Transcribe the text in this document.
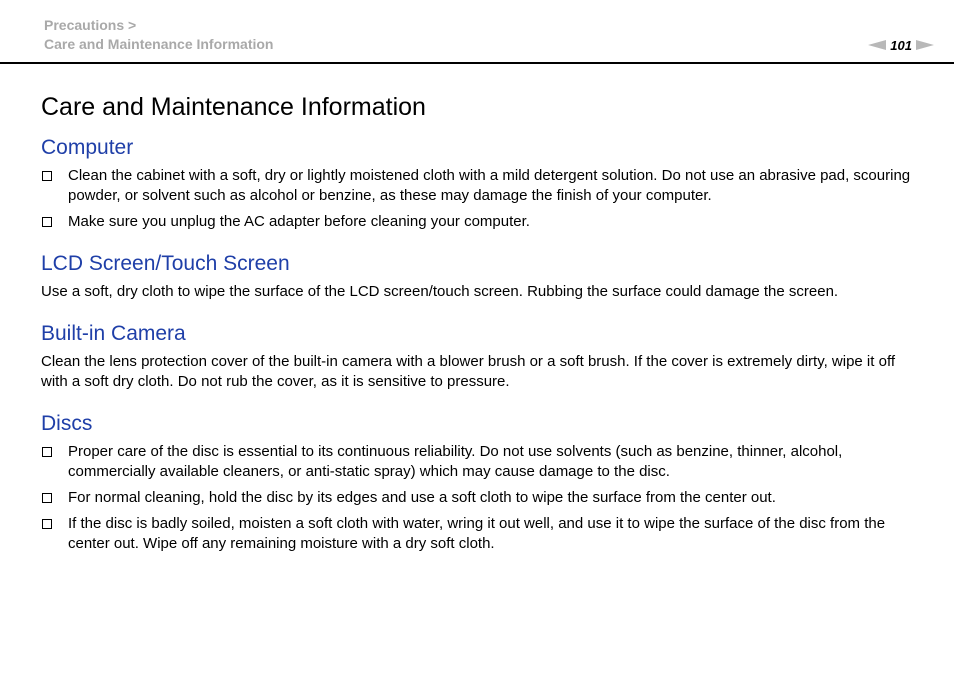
Precautions >
Care and Maintenance Information	101
Care and Maintenance Information
Computer
Clean the cabinet with a soft, dry or lightly moistened cloth with a mild detergent solution. Do not use an abrasive pad, scouring powder, or solvent such as alcohol or benzine, as these may damage the finish of your computer.
Make sure you unplug the AC adapter before cleaning your computer.
LCD Screen/Touch Screen

Use a soft, dry cloth to wipe the surface of the LCD screen/touch screen. Rubbing the surface could damage the screen.

Built-in Camera

Clean the lens protection cover of the built-in camera with a blower brush or a soft brush. If the cover is extremely dirty, wipe it off with a soft dry cloth. Do not rub the cover, as it is sensitive to pressure.

Discs
Proper care of the disc is essential to its continuous reliability. Do not use solvents (such as benzine, thinner, alcohol, commercially available cleaners, or anti-static spray) which may cause damage to the disc.
For normal cleaning, hold the disc by its edges and use a soft cloth to wipe the surface from the center out.
If the disc is badly soiled, moisten a soft cloth with water, wring it out well, and use it to wipe the surface of the disc from the center out. Wipe off any remaining moisture with a dry soft cloth.
